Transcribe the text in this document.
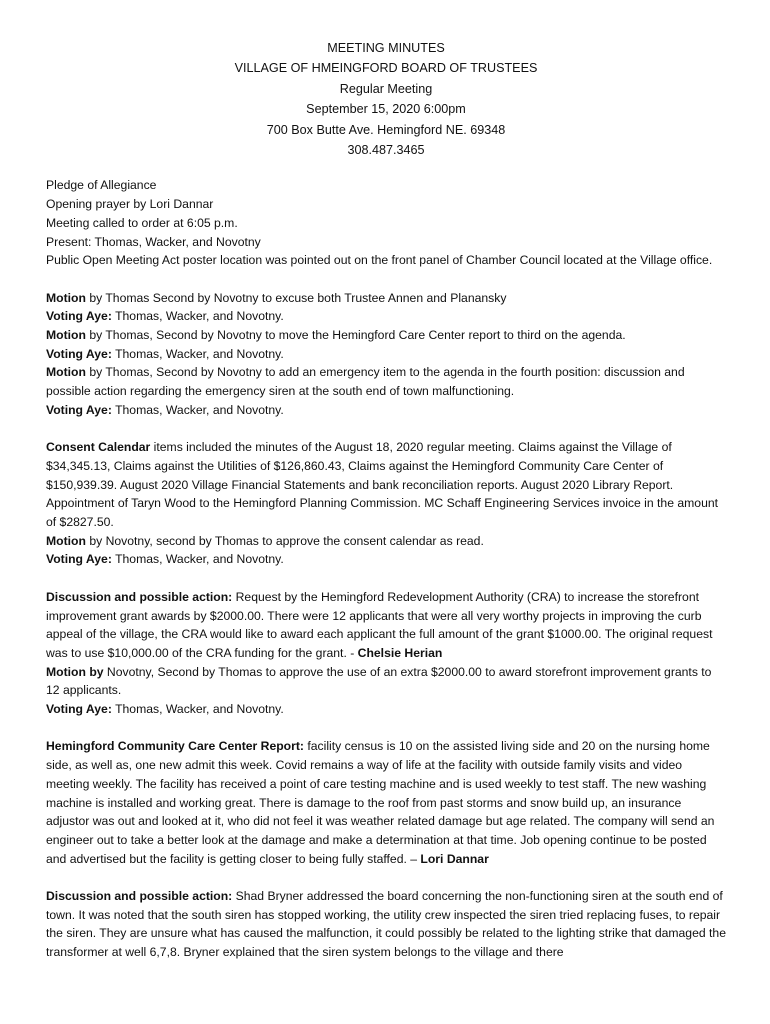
MEETING MINUTES
VILLAGE OF HMEINGFORD BOARD OF TRUSTEES
Regular Meeting
September 15, 2020 6:00pm
700 Box Butte Ave. Hemingford NE. 69348
308.487.3465

Pledge of Allegiance

Opening prayer by Lori Dannar

Meeting called to order at 6:05 p.m.

Present: Thomas, Wacker, and Novotny

Public Open Meeting Act poster location was pointed out on the front panel of Chamber Council located at the Village office.

Motion by Thomas Second by Novotny to excuse both Trustee Annen and Planansky

Voting Aye: Thomas, Wacker, and Novotny.

Motion by Thomas, Second by Novotny to move the Hemingford Care Center report to third on the agenda.

Voting Aye: Thomas, Wacker, and Novotny.

Motion by Thomas, Second by Novotny to add an emergency item to the agenda in the fourth position: discussion and possible action regarding the emergency siren at the south end of town malfunctioning.

Voting Aye: Thomas, Wacker, and Novotny.

Consent Calendar items included the minutes of the August 18, 2020 regular meeting. Claims against the Village of $34,345.13, Claims against the Utilities of $126,860.43, Claims against the Hemingford Community Care Center of $150,939.39. August 2020 Village Financial Statements and bank reconciliation reports. August 2020 Library Report. Appointment of Taryn Wood to the Hemingford Planning Commission. MC Schaff Engineering Services invoice in the amount of $2827.50.

Motion by Novotny, second by Thomas to approve the consent calendar as read.

Voting Aye: Thomas, Wacker, and Novotny.

Discussion and possible action: Request by the Hemingford Redevelopment Authority (CRA) to increase the storefront improvement grant awards by $2000.00. There were 12 applicants that were all very worthy projects in improving the curb appeal of the village, the CRA would like to award each applicant the full amount of the grant $1000.00. The original request was to use $10,000.00 of the CRA funding for the grant. - Chelsie Herian

Motion by Novotny, Second by Thomas to approve the use of an extra $2000.00 to award storefront improvement grants to 12 applicants.

Voting Aye: Thomas, Wacker, and Novotny.

Hemingford Community Care Center Report: facility census is 10 on the assisted living side and 20 on the nursing home side, as well as, one new admit this week. Covid remains a way of life at the facility with outside family visits and video meeting weekly. The facility has received a point of care testing machine and is used weekly to test staff. The new washing machine is installed and working great. There is damage to the roof from past storms and snow build up, an insurance adjustor was out and looked at it, who did not feel it was weather related damage but age related. The company will send an engineer out to take a better look at the damage and make a determination at that time. Job opening continue to be posted and advertised but the facility is getting closer to being fully staffed. – Lori Dannar

Discussion and possible action: Shad Bryner addressed the board concerning the non-functioning siren at the south end of town. It was noted that the south siren has stopped working, the utility crew inspected the siren tried replacing fuses, to repair the siren. They are unsure what has caused the malfunction, it could possibly be related to the lighting strike that damaged the transformer at well 6,7,8. Bryner explained that the siren system belongs to the village and there
